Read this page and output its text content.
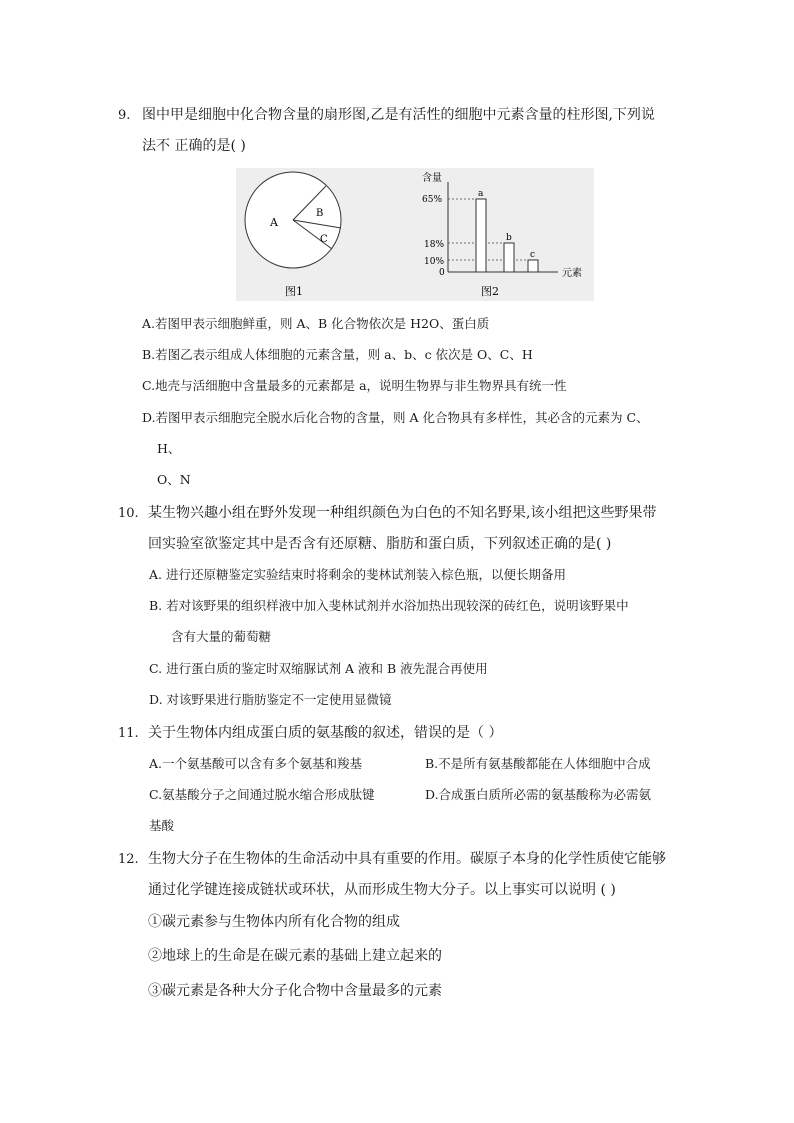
9. 图中甲是细胞中化合物含量的扇形图,乙是有活性的细胞中元素含量的柱形图,下列说
法不 正确的是( )
A
B
C
图1
含量
元素
65%
18%
10%
0
a
b
c
图2
A.若图甲表示细胞鲜重，则 A、B 化合物依次是 H2O、蛋白质
B.若图乙表示组成人体细胞的元素含量，则 a、b、c 依次是 O、C、H
C.地壳与活细胞中含量最多的元素都是 a，说明生物界与非生物界具有统一性
D.若图甲表示细胞完全脱水后化合物的含量，则 A 化合物具有多样性，其必含的元素为 C、
H、
O、N
10. 某生物兴趣小组在野外发现一种组织颜色为白色的不知名野果,该小组把这些野果带
回实验室欲鉴定其中是否含有还原糖、脂肪和蛋白质，下列叙述正确的是( )
A. 进行还原糖鉴定实验结束时将剩余的斐林试剂装入棕色瓶，以便长期备用
B. 若对该野果的组织样液中加入斐林试剂并水浴加热出现较深的砖红色，说明该野果中
含有大量的葡萄糖
C. 进行蛋白质的鉴定时双缩脲试剂 A 液和 B 液先混合再使用
D. 对该野果进行脂肪鉴定不一定使用显微镜
11. 关于生物体内组成蛋白质的氨基酸的叙述，错误的是（ ）
A.一个氨基酸可以含有多个氨基和羧基	B.不是所有氨基酸都能在人体细胞中合成
C.氨基酸分子之间通过脱水缩合形成肽键	D.合成蛋白质所必需的氨基酸称为必需氨
基酸
12. 生物大分子在生物体的生命活动中具有重要的作用。碳原子本身的化学性质使它能够
通过化学键连接成链状或环状，从而形成生物大分子。以上事实可以说明 ( )
①碳元素参与生物体内所有化合物的组成
②地球上的生命是在碳元素的基础上建立起来的
③碳元素是各种大分子化合物中含量最多的元素
